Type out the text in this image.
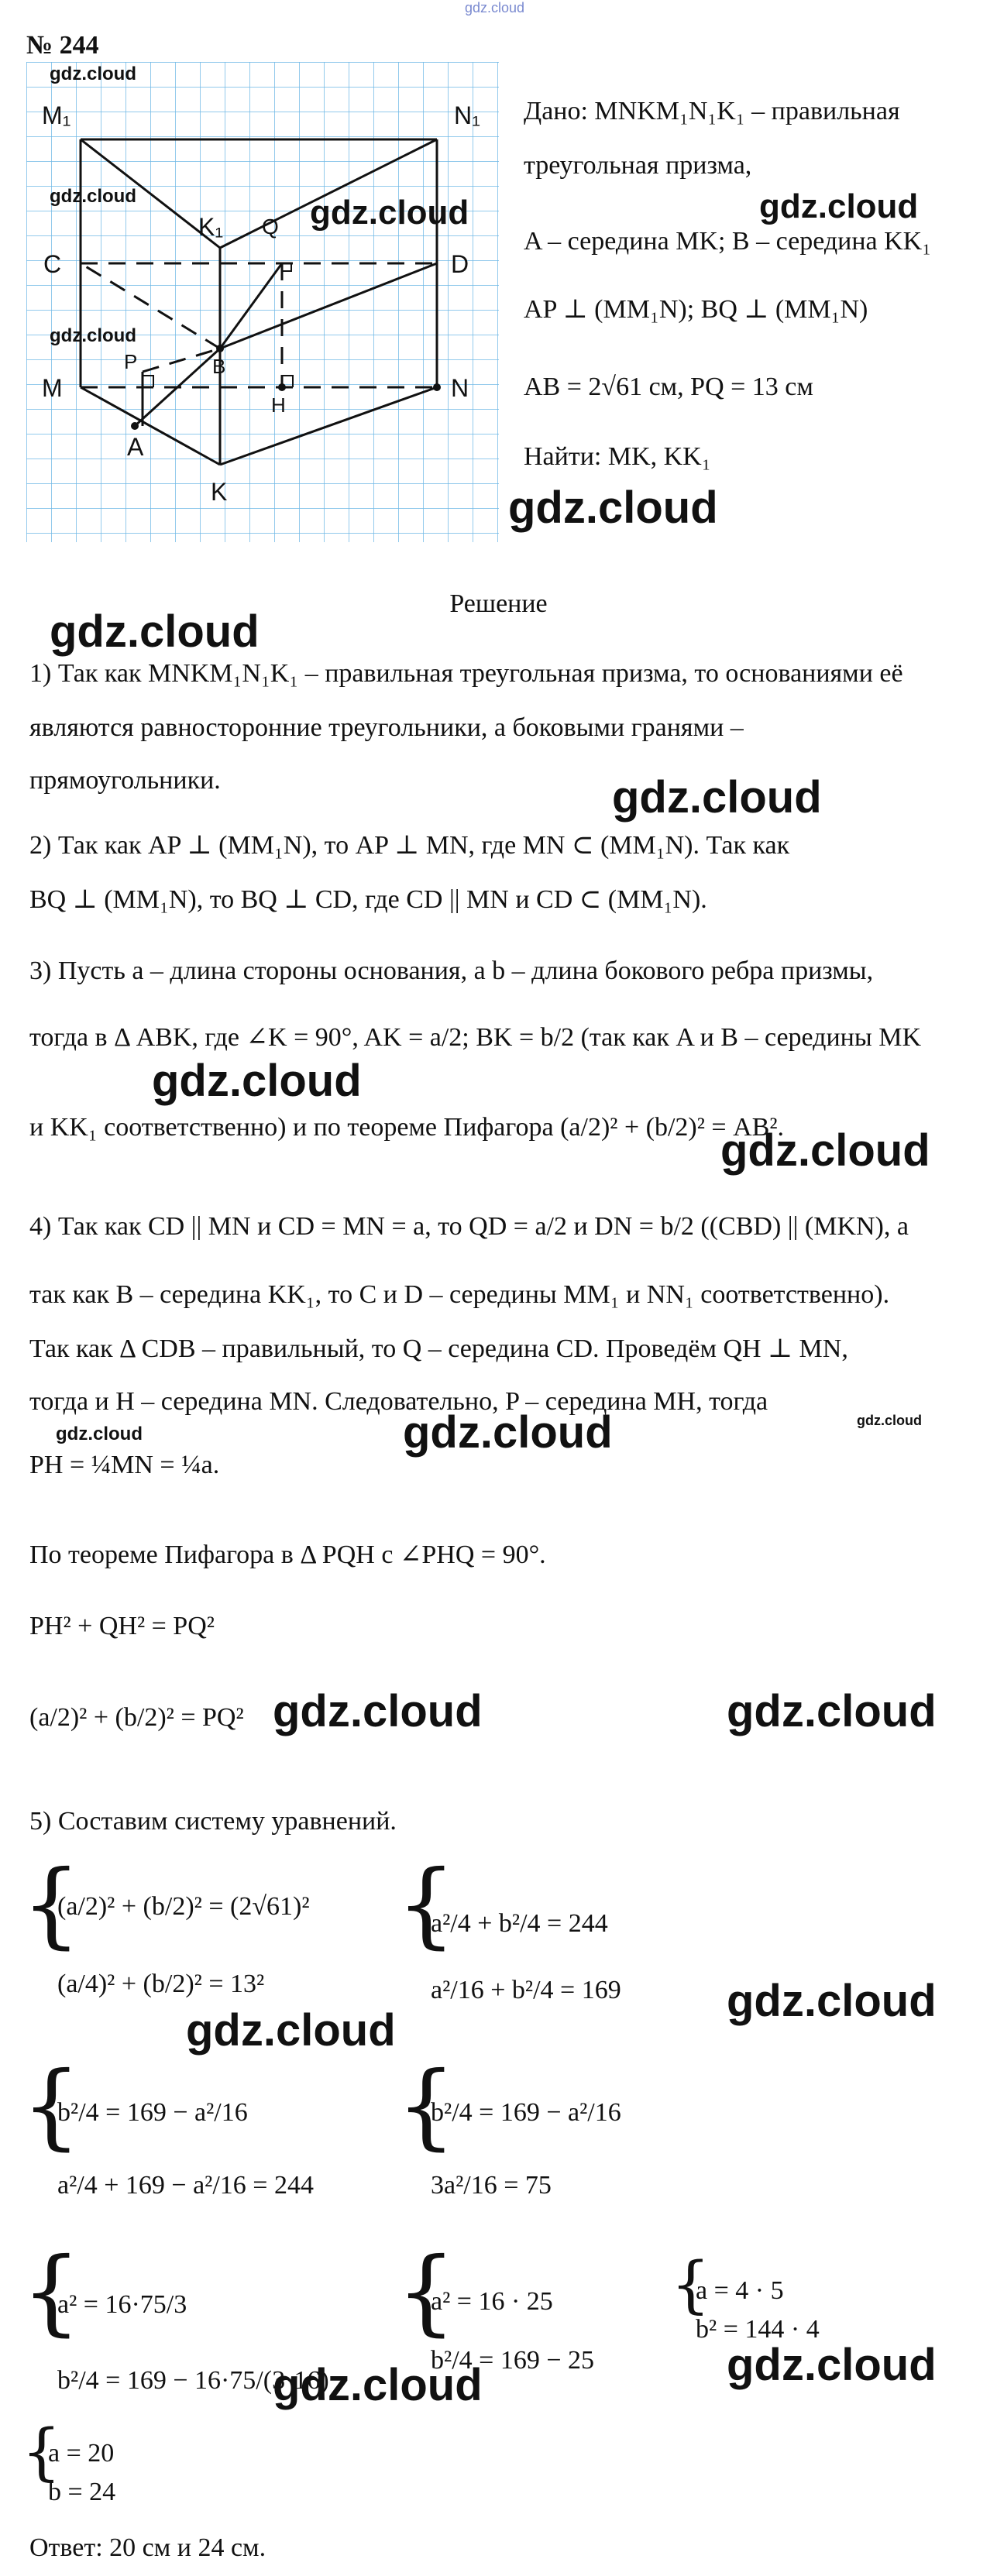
gdz.cloud
№ 244
M₁	N₁
K₁
C	D
Q
B
P
H
M	N
A
K
gdz.cloud
gdz.cloud	gdz.cloud
gdz.cloud
Дано: MNKM₁N₁K₁ – правильная
треугольная призма,
gdz.cloud
A – середина MK; B – середина KK₁
AP ⊥ (MM₁N); BQ ⊥ (MM₁N)
AB = 2√61 см, PQ = 13 см
Найти: MK, KK₁
gdz.cloud
Решение
gdz.cloud
1) Так как MNKM₁N₁K₁ – правильная треугольная призма, то основаниями её
являются равносторонние треугольники, а боковыми гранями –
прямоугольники.	gdz.cloud
2) Так как AP ⊥ (MM₁N), то AP ⊥ MN, где MN ⊂ (MM₁N). Так как
BQ ⊥ (MM₁N), то BQ ⊥ CD, где CD || MN и CD ⊂ (MM₁N).
3) Пусть a – длина стороны основания, а b – длина бокового ребра призмы,
тогда в Δ ABK, где ∠K = 90°, AK = a/2; BK = b/2 (так как A и B – середины MK
gdz.cloud
и KK₁ соответственно) и по теореме Пифагора (a/2)² + (b/2)² = AB².
gdz.cloud
4) Так как CD || MN и CD = MN = a, то QD = a/2 и DN = b/2 ((CBD) || (MKN), а
так как B – середина KK₁, то C и D – середины MM₁ и NN₁ соответственно).
Так как Δ CDB – правильный, то Q – середина CD. Проведём QH ⊥ MN,
тогда и H – середина MN. Следовательно, P – середина MH, тогда
gdz.cloud	gdz.cloud	gdz.cloud
PH = ¼MN = ¼a.
По теореме Пифагора в Δ PQH с ∠PHQ = 90°.
PH² + QH² = PQ²
(a/2)² + (b/2)² = PQ² gdz.cloud	gdz.cloud
5) Составим систему уравнений.
{
(a/2)² + (b/2)² = (2√61)²
(a/4)² + (b/2)² = 13²
gdz.cloud
{
a²/4 + b²/4 = 244
a²/16 + b²/4 = 169 gdz.cloud
{
b²/4 = 169 − a²/16
a²/4 + 169 − a²/16 = 244
{
b²/4 = 169 − a²/16
3a²/16 = 75
{
a² = 16·75/3
b²/4 = 169 − 16·75/(3·16)
{
a² = 16 · 25
b²/4 = 169 − 25
{
a = 4 · 5
b² = 144 · 4
gdz.cloud
gdz.cloud
{
a = 20
b = 24
Ответ: 20 см и 24 см.
